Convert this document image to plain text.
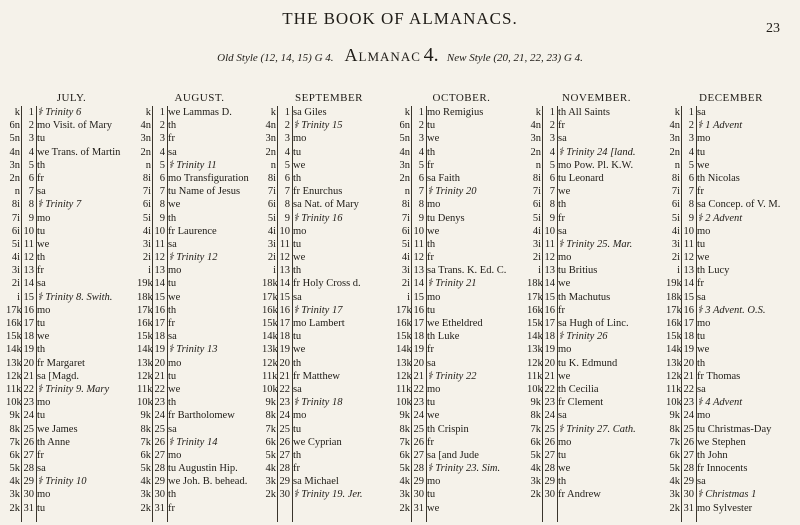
THE BOOK OF ALMANACS.
23
Old Style (12, 14, 15) G 4. Almanac 4. New Style (20, 21, 22, 23) G 4.
JULY.
k 1 ⚕ Trinity 6
6n 2 mo Visit. of Mary
5n 3 tu
4n 4 we Trans. of Martin
3n 5 th
2n 6 fr
n 7 sa
8i 8 ⚕ Trinity 7
7i 9 mo
6i 10 tu
5i 11 we
4i 12 th
3i 13 fr
2i 14 sa
i 15 ⚕ Trinity 8. Swith.
17k 16 mo
16k 17 tu
15k 18 we
14k 19 th
13k 20 fr Margaret
12k 21 sa [Magd.
11k 22 ⚕ Trinity 9. Mary
10k 23 mo
9k 24 tu
8k 25 we James
7k 26 th Anne
6k 27 fr
5k 28 sa
4k 29 ⚕ Trinity 10
3k 30 mo
2k 31 tu
AUGUST.
k 1 we Lammas D.
4n 2 th
3n 3 fr
2n 4 sa
n 5 ⚕ Trinity 11
8i 6 mo Transfiguration
7i 7 tu Name of Jesus
6i 8 we
5i 9 th
4i 10 fr Laurence
3i 11 sa
2i 12 ⚕ Trinity 12
i 13 mo
19k 14 tu
18k 15 we
17k 16 th
16k 17 fr
15k 18 sa
14k 19 ⚕ Trinity 13
13k 20 mo
12k 21 tu
11k 22 we
10k 23 th
9k 24 fr Bartholomew
8k 25 sa
7k 26 ⚕ Trinity 14
6k 27 mo
5k 28 tu Augustin Hip.
4k 29 we Joh. B. behead.
3k 30 th
2k 31 fr
SEPTEMBER
k 1 sa Giles
4n 2 ⚕ Trinity 15
3n 3 mo
2n 4 tu
n 5 we
8i 6 th
7i 7 fr Enurchus
6i 8 sa Nat. of Mary
5i 9 ⚕ Trinity 16
4i 10 mo
3i 11 tu
2i 12 we
i 13 th
18k 14 fr Holy Cross d.
17k 15 sa
16k 16 ⚕ Trinity 17
15k 17 mo Lambert
14k 18 tu
13k 19 we
12k 20 th
11k 21 fr Matthew
10k 22 sa
9k 23 ⚕ Trinity 18
8k 24 mo
7k 25 tu
6k 26 we Cyprian
5k 27 th
4k 28 fr
3k 29 sa Michael
2k 30 ⚕ Trinity 19. Jer.
OCTOBER.
k 1 mo Remigius
6n 2 tu
5n 3 we
4n 4 th
3n 5 fr
2n 6 sa Faith
n 7 ⚕ Trinity 20
8i 8 mo
7i 9 tu Denys
6i 10 we
5i 11 th
4i 12 fr
3i 13 sa Trans. K. Ed. C.
2i 14 ⚕ Trinity 21
i 15 mo
17k 16 tu
16k 17 we Etheldred
15k 18 th Luke
14k 19 fr
13k 20 sa
12k 21 ⚕ Trinity 22
11k 22 mo
10k 23 tu
9k 24 we
8k 25 th Crispin
7k 26 fr
6k 27 sa [and Jude
5k 28 ⚕ Trinity 23. Sim.
4k 29 mo
3k 30 tu
2k 31 we
NOVEMBER.
k 1 th All Saints
4n 2 fr
3n 3 sa
2n 4 ⚕ Trinity 24 [land.
n 5 mo Pow. Pl. K.W.
8i 6 tu Leonard
7i 7 we
6i 8 th
5i 9 fr
4i 10 sa
3i 11 ⚕ Trinity 25. Mar.
2i 12 mo
i 13 tu Britius
18k 14 we
17k 15 th Machutus
16k 16 fr
15k 17 sa Hugh of Linc.
14k 18 ⚕ Trinity 26
13k 19 mo
12k 20 tu K. Edmund
11k 21 we
10k 22 th Cecilia
9k 23 fr Clement
8k 24 sa
7k 25 ⚕ Trinity 27. Cath.
6k 26 mo
5k 27 tu
4k 28 we
3k 29 th
2k 30 fr Andrew
DECEMBER
k 1 sa
4n 2 ⚕ 1 Advent
3n 3 mo
2n 4 tu
n 5 we
8i 6 th Nicolas
7i 7 fr
6i 8 sa Concep. of V. M.
5i 9 ⚕ 2 Advent
4i 10 mo
3i 11 tu
2i 12 we
i 13 th Lucy
19k 14 fr
18k 15 sa
17k 16 ⚕ 3 Advent. O.S.
16k 17 mo
15k 18 tu
14k 19 we
13k 20 th
12k 21 fr Thomas
11k 22 sa
10k 23 ⚕ 4 Advent
9k 24 mo
8k 25 tu Christmas-Day
7k 26 we Stephen
6k 27 th John
5k 28 fr Innocents
4k 29 sa
3k 30 ⚕ Christmas 1
2k 31 mo Sylvester
